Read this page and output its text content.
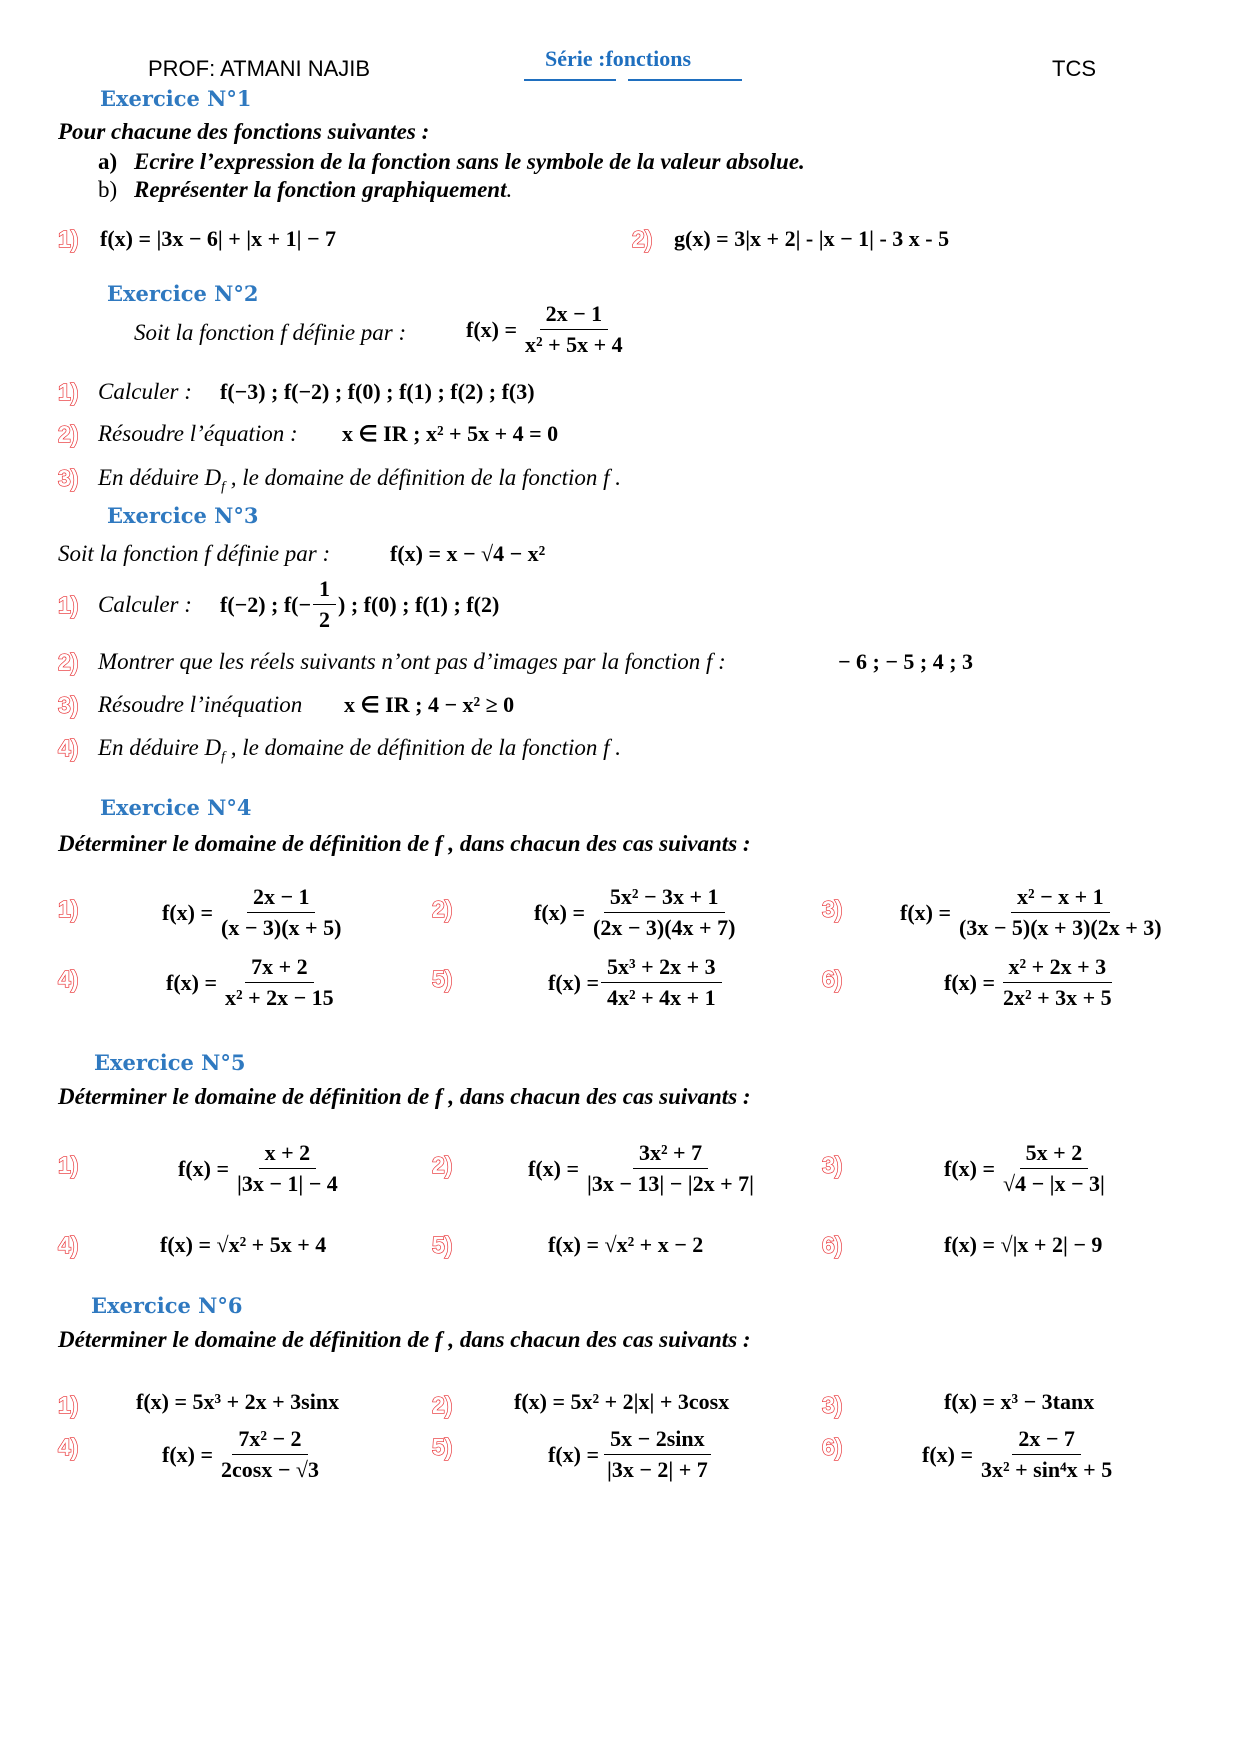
PROF: ATMANI NAJIB	Série :fonctions	TCS
Exercice N°1
Pour chacune des fonctions suivantes :
a) Ecrire l’expression de la fonction sans le symbole de la valeur absolue.
b) Représenter la fonction graphiquement.
1) f(x) = |3x − 6| + |x + 1| − 7	2) g(x) = 3|x + 2| - |x − 1| - 3 x - 5
Exercice N°2
Soit la fonction f définie par :	$f(x) = \frac{2x - 1}{\text{x² + 5x + 4}}$
1) Calculer : f(−3) ; f(−2) ; f(0) ; f(1) ; f(2) ; f(3)
2) Résoudre l’équation : x ∈ IR ; x² + 5x + 4 = 0
3) En déduire $D_f$ , le domaine de définition de la fonction f .
Exercice N°3
Soit la fonction f définie par :	f(x) = x − √4 − x²
1) Calculer : f(−2) ; $f(- \frac{1}{2}$ ) ; f(0) ; f(1) ; f(2)
2) Montrer que les réels suivants n’ont pas d’images par la fonction f :	− 6 ; − 5 ; 4 ; 3
3) Résoudre l’inéquation x ∈ IR ; 4 − x² ≥ 0
4) En déduire $D_f$ , le domaine de définition de la fonction f .
Exercice N°4
Déterminer le domaine de définition de f , dans chacun des cas suivants :
1)	$f(x) = \frac{2x - 1}{(x - 3)(x + 5)}$	2)	$f(x) = \frac{\text{5x² − 3x + 1}}{(2x - 3)(4x + 7)}$	3)	$f(x) = \frac{\text{x² − x + 1}}{(3x - 5)(x + 3)(2x + 3)}$
4)	$f(x) = \frac{7x + 2}{\text{x² + 2x − 15}}$	5)	$f(x) = \frac{\text{5x³ + 2x + 3}}{\text{4x² + 4x + 1}}$	6)	$f(x) = \frac{\text{x² + 2x + 3}}{\text{2x² + 3x + 5}}$
Exercice N°5
Déterminer le domaine de définition de f , dans chacun des cas suivants :
1)	$f(x) = \frac{x + 2}{|3x - 1| - 4}$	2)	$f(x) = \frac{\text{3x² + 7}}{|3x - 13| - |2x + 7|}$	3)	$f(x) = \frac{5x + 2}{√4 - |x - 3|}$
4)	f(x) = √x² + 5x + 4	5)	f(x) = √x² + x − 2	6)	f(x) = √|x + 2| − 9
Exercice N°6
Déterminer le domaine de définition de f , dans chacun des cas suivants :
1)	f(x) = 5x³ + 2x + 3sinx	2)	f(x) = 5x² + 2|x| + 3cosx	3)	f(x) = x³ − 3tanx
4)	$f(x) = \frac{\text{7x² − 2}}{2\cos x - √3}$	5)	$f(x) = \frac{5x - 2\sin x}{|3x - 2| + 7}$	6)	$f(x) = \frac{2x - 7}{\text{3x² + sin⁴x + 5}}$
